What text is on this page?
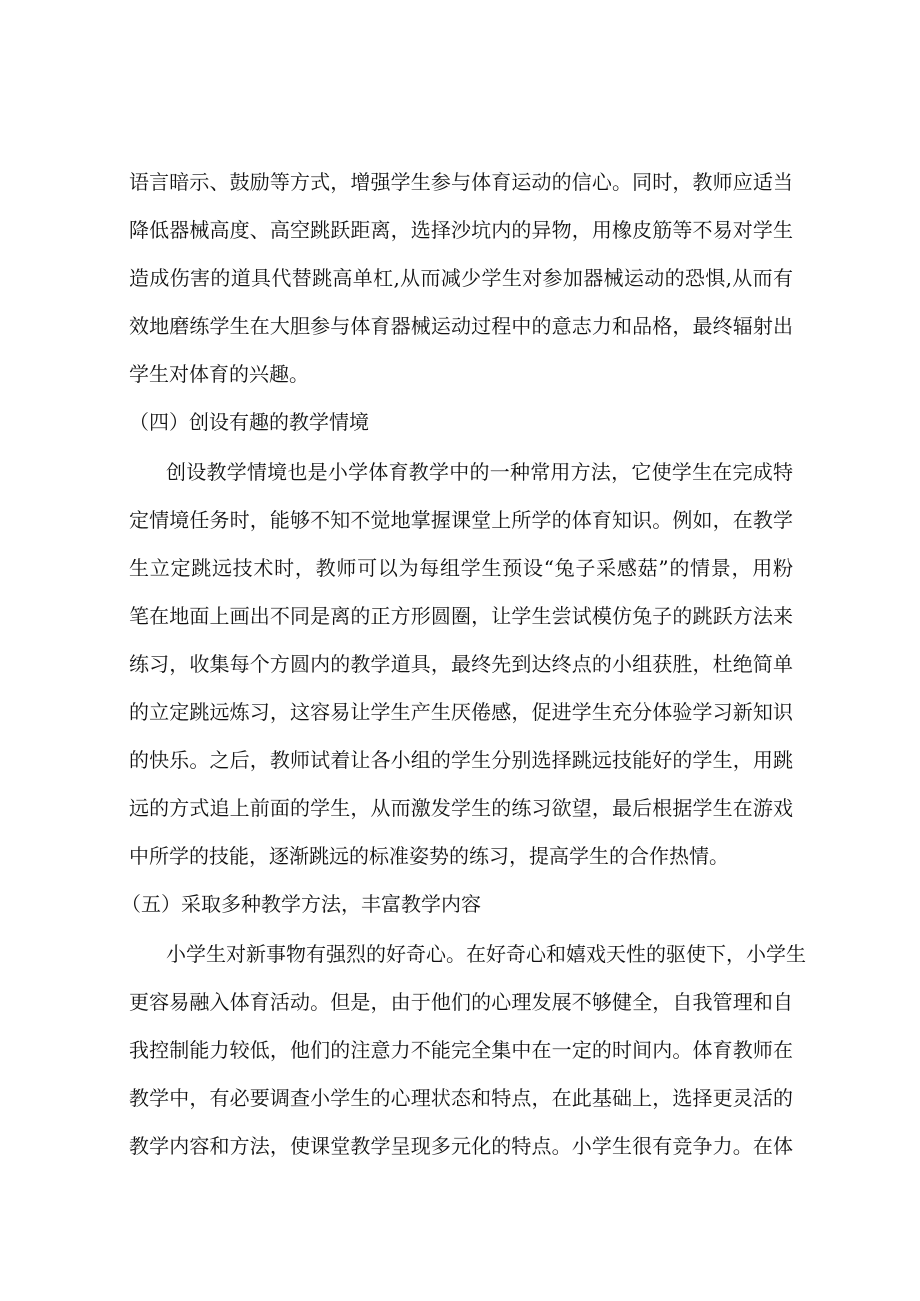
语言暗示、鼓励等方式，增强学生参与体育运动的信心。同时，教师应适当
降低器械高度、高空跳跃距离，选择沙坑内的异物，用橡皮筋等不易对学生
造成伤害的道具代替跳高单杠,从而减少学生对参加器械运动的恐惧,从而有
效地磨练学生在大胆参与体育器械运动过程中的意志力和品格，最终辐射出
学生对体育的兴趣。
（四）创设有趣的教学情境
创设教学情境也是小学体育教学中的一种常用方法，它使学生在完成特
定情境任务时，能够不知不觉地掌握课堂上所学的体育知识。例如，在教学
生立定跳远技术时，教师可以为每组学生预设“兔子采感菇”的情景，用粉
笔在地面上画出不同是离的正方形圆圈，让学生尝试模仿兔子的跳跃方法来
练习，收集每个方圆内的教学道具，最终先到达终点的小组获胜，杜绝简单
的立定跳远炼习，这容易让学生产生厌倦感，促进学生充分体验学习新知识
的快乐。之后，教师试着让各小组的学生分别选择跳远技能好的学生，用跳
远的方式追上前面的学生，从而激发学生的练习欲望，最后根据学生在游戏
中所学的技能，逐渐跳远的标准姿势的练习，提高学生的合作热情。
（五）采取多种教学方法，丰富教学内容
小学生对新事物有强烈的好奇心。在好奇心和嬉戏天性的驱使下，小学生
更容易融入体育活动。但是，由于他们的心理发展不够健全，自我管理和自
我控制能力较低，他们的注意力不能完全集中在一定的时间内。体育教师在
教学中，有必要调查小学生的心理状态和特点，在此基础上，选择更灵活的
教学内容和方法，使课堂教学呈现多元化的特点。小学生很有竞争力。在体
